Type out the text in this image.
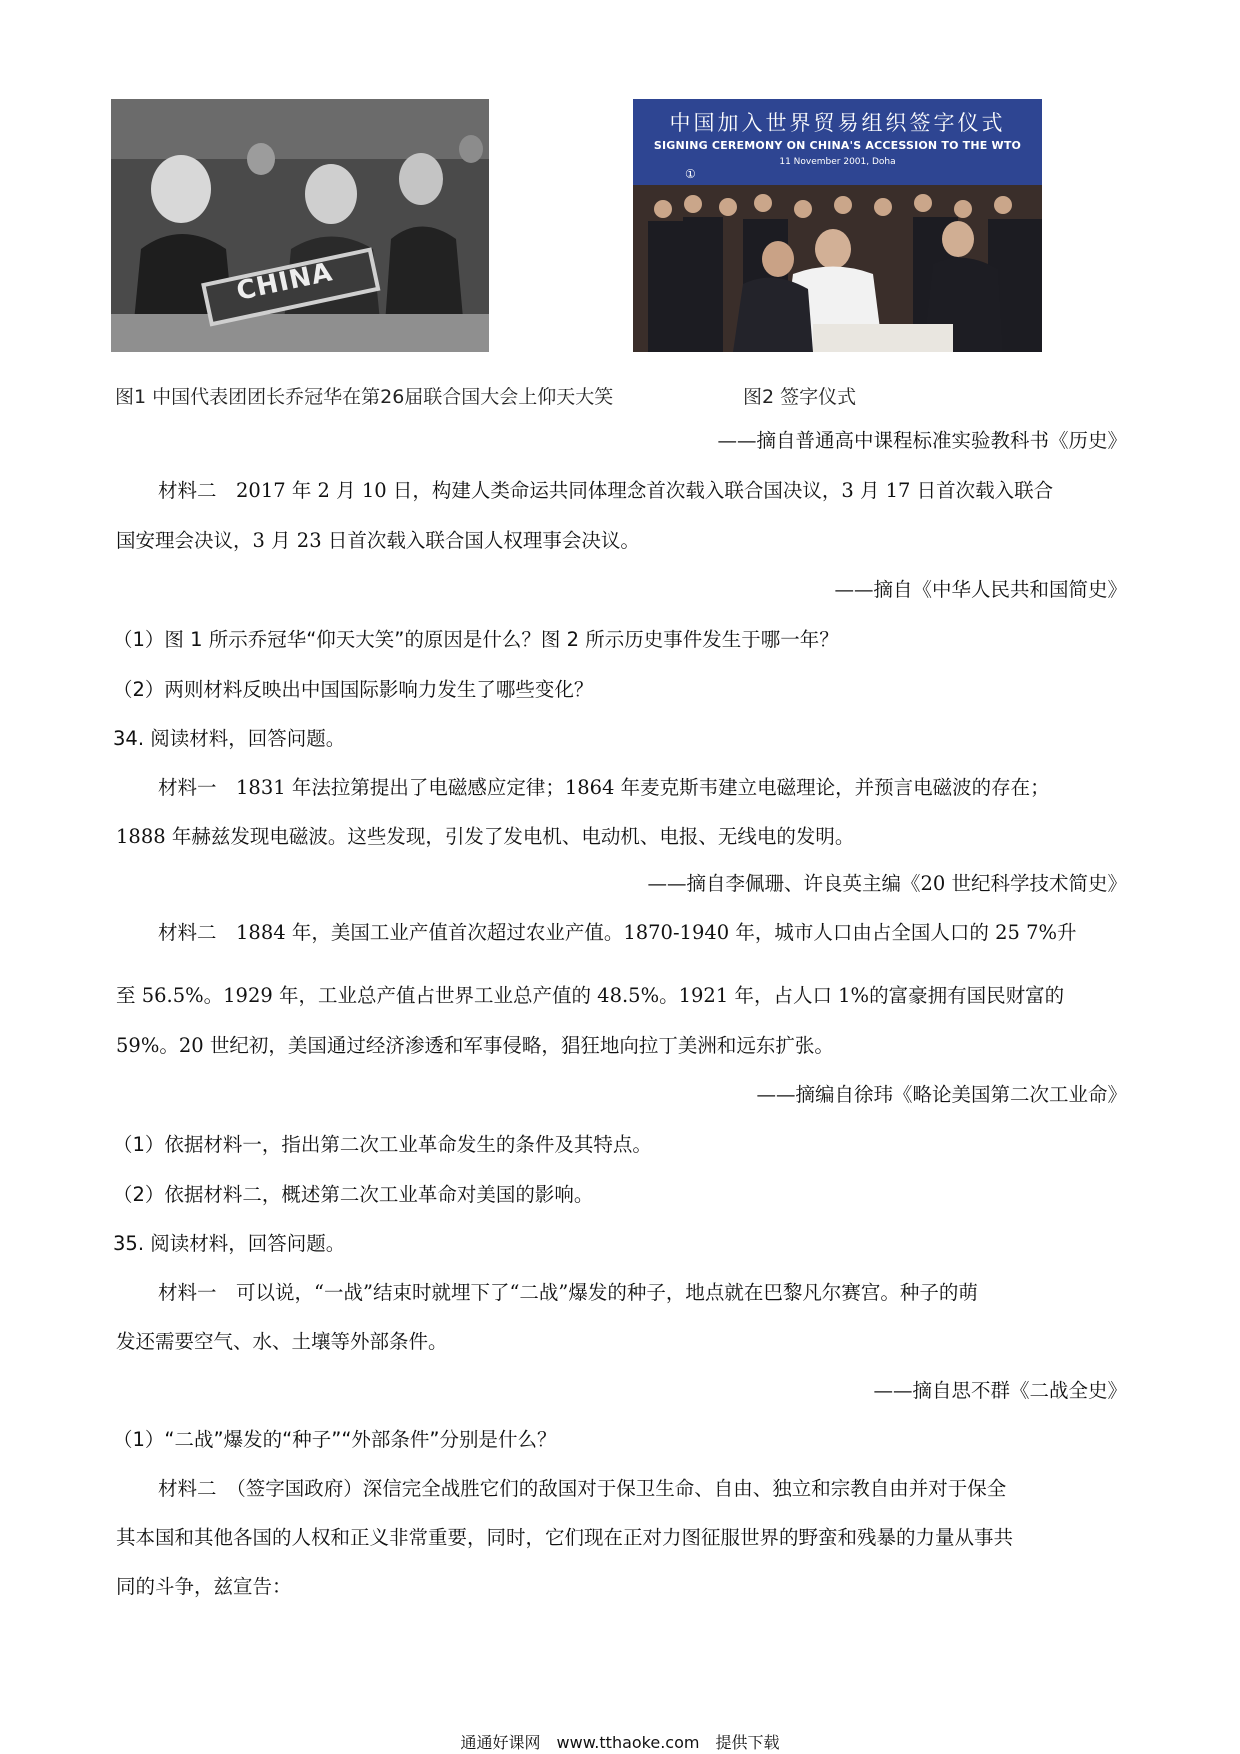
CHINA
中国加入世界贸易组织签字仪式
SIGNING CEREMONY ON CHINA'S ACCESSION TO THE WTO
11 November 2001, Doha
①
图1 中国代表团团长乔冠华在第26届联合国大会上仰天大笑	图2 签字仪式
——摘自普通高中课程标准实验教科书《历史》
材料二　2017 年 2 月 10 日，构建人类命运共同体理念首次载入联合国决议，3 月 17 日首次载入联合
国安理会决议，3 月 23 日首次载入联合国人权理事会决议。
——摘自《中华人民共和国简史》
（1）图 1 所示乔冠华“仰天大笑”的原因是什么？图 2 所示历史事件发生于哪一年？
（2）两则材料反映出中国国际影响力发生了哪些变化？
34. 阅读材料，回答问题。
材料一　1831 年法拉第提出了电磁感应定律；1864 年麦克斯韦建立电磁理论，并预言电磁波的存在；
1888 年赫兹发现电磁波。这些发现，引发了发电机、电动机、电报、无线电的发明。
——摘自李佩珊、许良英主编《20 世纪科学技术简史》
材料二　1884 年，美国工业产值首次超过农业产值。1870-1940 年，城市人口由占全国人口的 25 7%升
至 56.5%。1929 年，工业总产值占世界工业总产值的 48.5%。1921 年，占人口 1%的富豪拥有国民财富的
59%。20 世纪初，美国通过经济渗透和军事侵略，猖狂地向拉丁美洲和远东扩张。
——摘编自徐玮《略论美国第二次工业命》
（1）依据材料一，指出第二次工业革命发生的条件及其特点。
（2）依据材料二，概述第二次工业革命对美国的影响。
35. 阅读材料，回答问题。
材料一　可以说，“一战”结束时就埋下了“二战”爆发的种子，地点就在巴黎凡尔赛宫。种子的萌
发还需要空气、水、土壤等外部条件。
——摘自思不群《二战全史》
（1）“二战”爆发的“种子”“外部条件”分别是什么？
材料二　（签字国政府）深信完全战胜它们的敌国对于保卫生命、自由、独立和宗教自由并对于保全
其本国和其他各国的人权和正义非常重要，同时，它们现在正对力图征服世界的野蛮和残暴的力量从事共
同的斗争，兹宣告：
通通好课网　www.tthaoke.com　提供下载
